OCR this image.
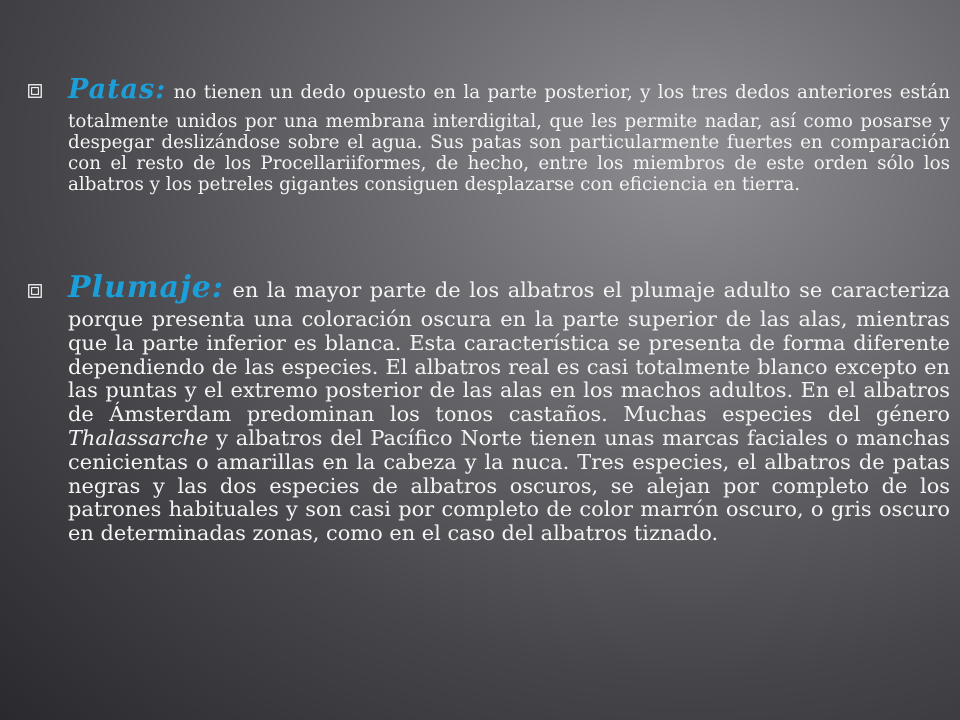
Patas: no tienen un dedo opuesto en la parte posterior, y los tres dedos anteriores están totalmente unidos por una membrana interdigital, que les permite nadar, así como posarse y despegar deslizándose sobre el agua. Sus patas son particularmente fuertes en comparación con el resto de los Procellariiformes, de hecho, entre los miembros de este orden sólo los albatros y los petreles gigantes consiguen desplazarse con eficiencia en tierra.
Plumaje: en la mayor parte de los albatros el plumaje adulto se caracteriza porque presenta una coloración oscura en la parte superior de las alas, mientras que la parte inferior es blanca. Esta característica se presenta de forma diferente dependiendo de las especies. El albatros real es casi totalmente blanco excepto en las puntas y el extremo posterior de las alas en los machos adultos. En el albatros de Ámsterdam predominan los tonos castaños. Muchas especies del género Thalassarche y albatros del Pacífico Norte tienen unas marcas faciales o manchas cenicientas o amarillas en la cabeza y la nuca. Tres especies, el albatros de patas negras y las dos especies de albatros oscuros, se alejan por completo de los patrones habituales y son casi por completo de color marrón oscuro, o gris oscuro en determinadas zonas, como en el caso del albatros tiznado.
